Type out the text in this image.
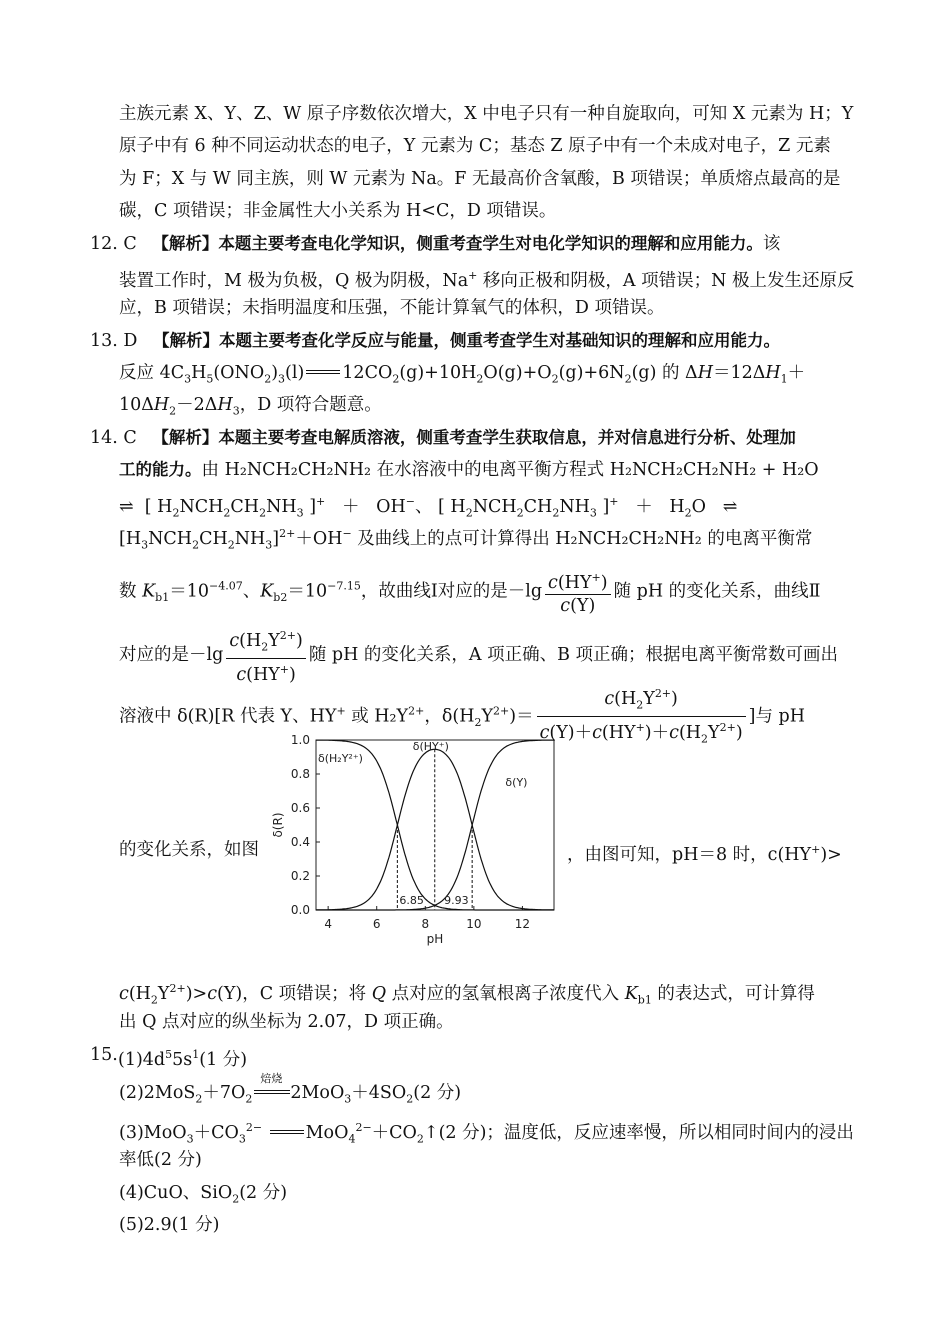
主族元素 X、Y、Z、W 原子序数依次增大，X 中电子只有一种自旋取向，可知 X 元素为 H；Y
原子中有 6 种不同运动状态的电子，Y 元素为 C；基态 Z 原子中有一个未成对电子，Z 元素
为 F；X 与 W 同主族，则 W 元素为 Na。F 无最高价含氧酸，B 项错误；单质熔点最高的是
碳，C 项错误；非金属性大小关系为 H<C，D 项错误。
12. C 【解析】本题主要考查电化学知识，侧重考查学生对电化学知识的理解和应用能力。该
装置工作时，M 极为负极，Q 极为阴极，Na+ 移向正极和阴极，A 项错误；N 极上发生还原反
应，B 项错误；未指明温度和压强，不能计算氧气的体积，D 项错误。
13. D 【解析】本题主要考查化学反应与能量，侧重考查学生对基础知识的理解和应用能力。
反应 $4C_3H_5(ONO_2)_3(l)$ $12CO_2(g)+10H_2O(g)+O_2(g)+6N_2(g)$ 的 $\Delta H=12\Delta H_1+$
$10\Delta H_2-2\Delta H_3$，D 项符合题意。
14. C 【解析】本题主要考查电解质溶液，侧重考查学生获取信息，并对信息进行分析、处理加
工的能力。由 H₂NCH₂CH₂NH₂ 在水溶液中的电离平衡方程式 H₂NCH₂CH₂NH₂ + H₂O
⇌  [ $H_2NCH_2CH_2NH_3$ ]+   ＋   OH−、 [ $H_2NCH_2CH_2NH_3$ ]$^+ + H_2O$   ⇌
$[H_3NCH_2CH_2NH_3]^{2+}+OH^-$ 及曲线上的点可计算得出 H₂NCH₂CH₂NH₂ 的电离平衡常
数 $K_{b1}=10^{-4.07}$、$K_{b2}=10^{-7.15}$，故曲线Ⅰ对应的是$-\lg \frac{c(HY^+)}{c(Y)}$ 随 pH 的变化关系，曲线Ⅱ
对应的是$-\lg \frac{c(H_2Y^{2+})}{c(HY^+)}$ 随 pH 的变化关系，A 项正确、B 项正确；根据电离平衡常数可画出
溶液中 δ(R)[R 代表 Y、HY+ 或 $H_2Y^{2+}$，$\delta(H_2Y^{2+})= \frac{c(H_2Y^{2+})}{c(Y)+c(HY^+)+c(H_2Y^{2+})}$ ]与 pH
的变化关系，如图	，由图可知，pH＝8 时，c(HY+)>
4	6	8	10	12
0.0
0.2
0.4
0.6
0.8
1.0
pH
δ(R)
6.85 9.93
δ(H₂Y²⁺)
δ(HY⁺)
δ(Y)
$c(H_2Y^{2+})>c(Y)$，C 项错误；将 Q 点对应的氢氧根离子浓度代入 $K_{b1}$ 的表达式，可计算得
出 Q 点对应的纵坐标为 2.07，D 项正确。
15. $(1)4d^55s^1(1$ 分)
$(2)2MoS_2+7O_2$
焙烧
$2MoO_3+4SO_2(2$ 分)
$(3)MoO_3+CO_3^{2-}$ $MoO_4^{2-}+CO_2↑(2$ 分)；温度低，反应速率慢，所以相同时间内的浸出
率低(2 分)
(4)CuO、SiO$_2$(2 分)
(5)2.9(1 分)
